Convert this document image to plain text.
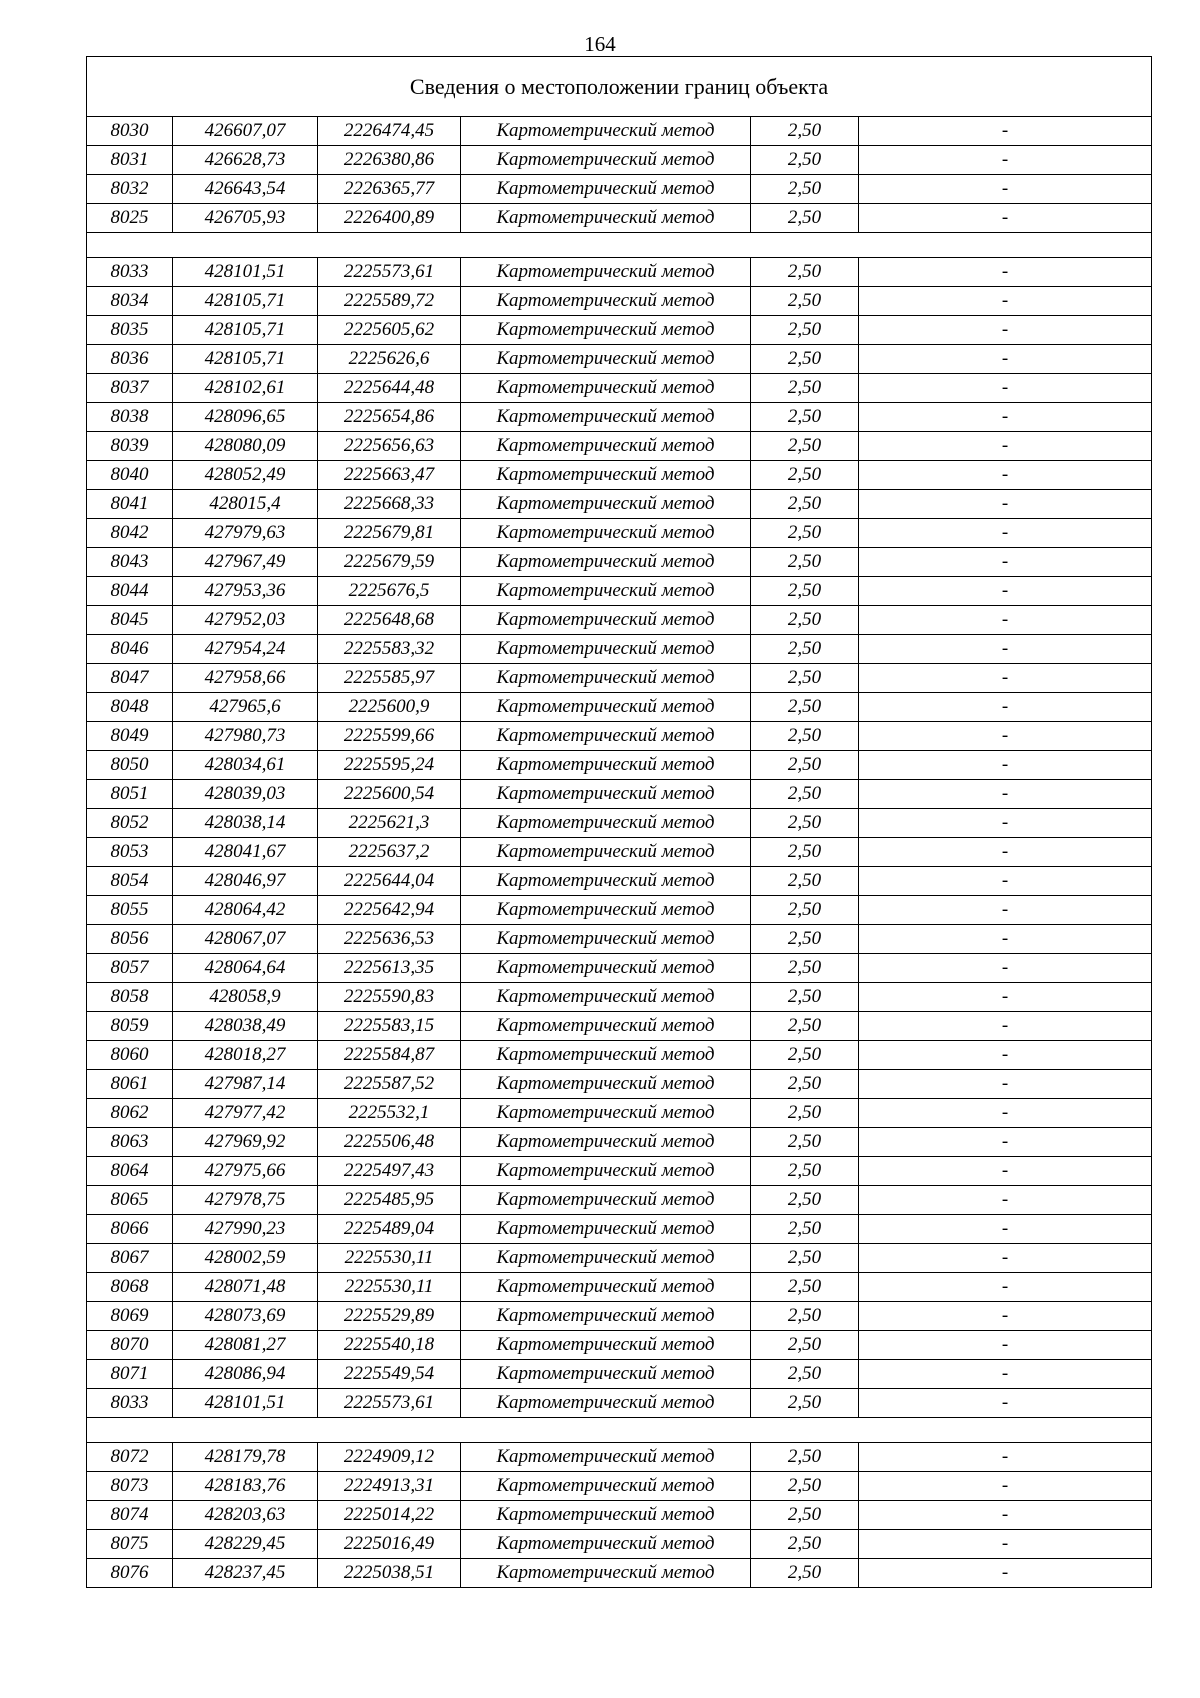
164
Сведения о местоположении границ объекта					
8030	426607,07	2226474,45	Картометрический метод	2,50	-
8031	426628,73	2226380,86	Картометрический метод	2,50	-
8032	426643,54	2226365,77	Картометрический метод	2,50	-
8025	426705,93	2226400,89	Картометрический метод	2,50	-

8033	428101,51	2225573,61	Картометрический метод	2,50	-
8034	428105,71	2225589,72	Картометрический метод	2,50	-
8035	428105,71	2225605,62	Картометрический метод	2,50	-
8036	428105,71	2225626,6	Картометрический метод	2,50	-
8037	428102,61	2225644,48	Картометрический метод	2,50	-
8038	428096,65	2225654,86	Картометрический метод	2,50	-
8039	428080,09	2225656,63	Картометрический метод	2,50	-
8040	428052,49	2225663,47	Картометрический метод	2,50	-
8041	428015,4	2225668,33	Картометрический метод	2,50	-
8042	427979,63	2225679,81	Картометрический метод	2,50	-
8043	427967,49	2225679,59	Картометрический метод	2,50	-
8044	427953,36	2225676,5	Картометрический метод	2,50	-
8045	427952,03	2225648,68	Картометрический метод	2,50	-
8046	427954,24	2225583,32	Картометрический метод	2,50	-
8047	427958,66	2225585,97	Картометрический метод	2,50	-
8048	427965,6	2225600,9	Картометрический метод	2,50	-
8049	427980,73	2225599,66	Картометрический метод	2,50	-
8050	428034,61	2225595,24	Картометрический метод	2,50	-
8051	428039,03	2225600,54	Картометрический метод	2,50	-
8052	428038,14	2225621,3	Картометрический метод	2,50	-
8053	428041,67	2225637,2	Картометрический метод	2,50	-
8054	428046,97	2225644,04	Картометрический метод	2,50	-
8055	428064,42	2225642,94	Картометрический метод	2,50	-
8056	428067,07	2225636,53	Картометрический метод	2,50	-
8057	428064,64	2225613,35	Картометрический метод	2,50	-
8058	428058,9	2225590,83	Картометрический метод	2,50	-
8059	428038,49	2225583,15	Картометрический метод	2,50	-
8060	428018,27	2225584,87	Картометрический метод	2,50	-
8061	427987,14	2225587,52	Картометрический метод	2,50	-
8062	427977,42	2225532,1	Картометрический метод	2,50	-
8063	427969,92	2225506,48	Картометрический метод	2,50	-
8064	427975,66	2225497,43	Картометрический метод	2,50	-
8065	427978,75	2225485,95	Картометрический метод	2,50	-
8066	427990,23	2225489,04	Картометрический метод	2,50	-
8067	428002,59	2225530,11	Картометрический метод	2,50	-
8068	428071,48	2225530,11	Картометрический метод	2,50	-
8069	428073,69	2225529,89	Картометрический метод	2,50	-
8070	428081,27	2225540,18	Картометрический метод	2,50	-
8071	428086,94	2225549,54	Картометрический метод	2,50	-
8033	428101,51	2225573,61	Картометрический метод	2,50	-

8072	428179,78	2224909,12	Картометрический метод	2,50	-
8073	428183,76	2224913,31	Картометрический метод	2,50	-
8074	428203,63	2225014,22	Картометрический метод	2,50	-
8075	428229,45	2225016,49	Картометрический метод	2,50	-
8076	428237,45	2225038,51	Картометрический метод	2,50	-
